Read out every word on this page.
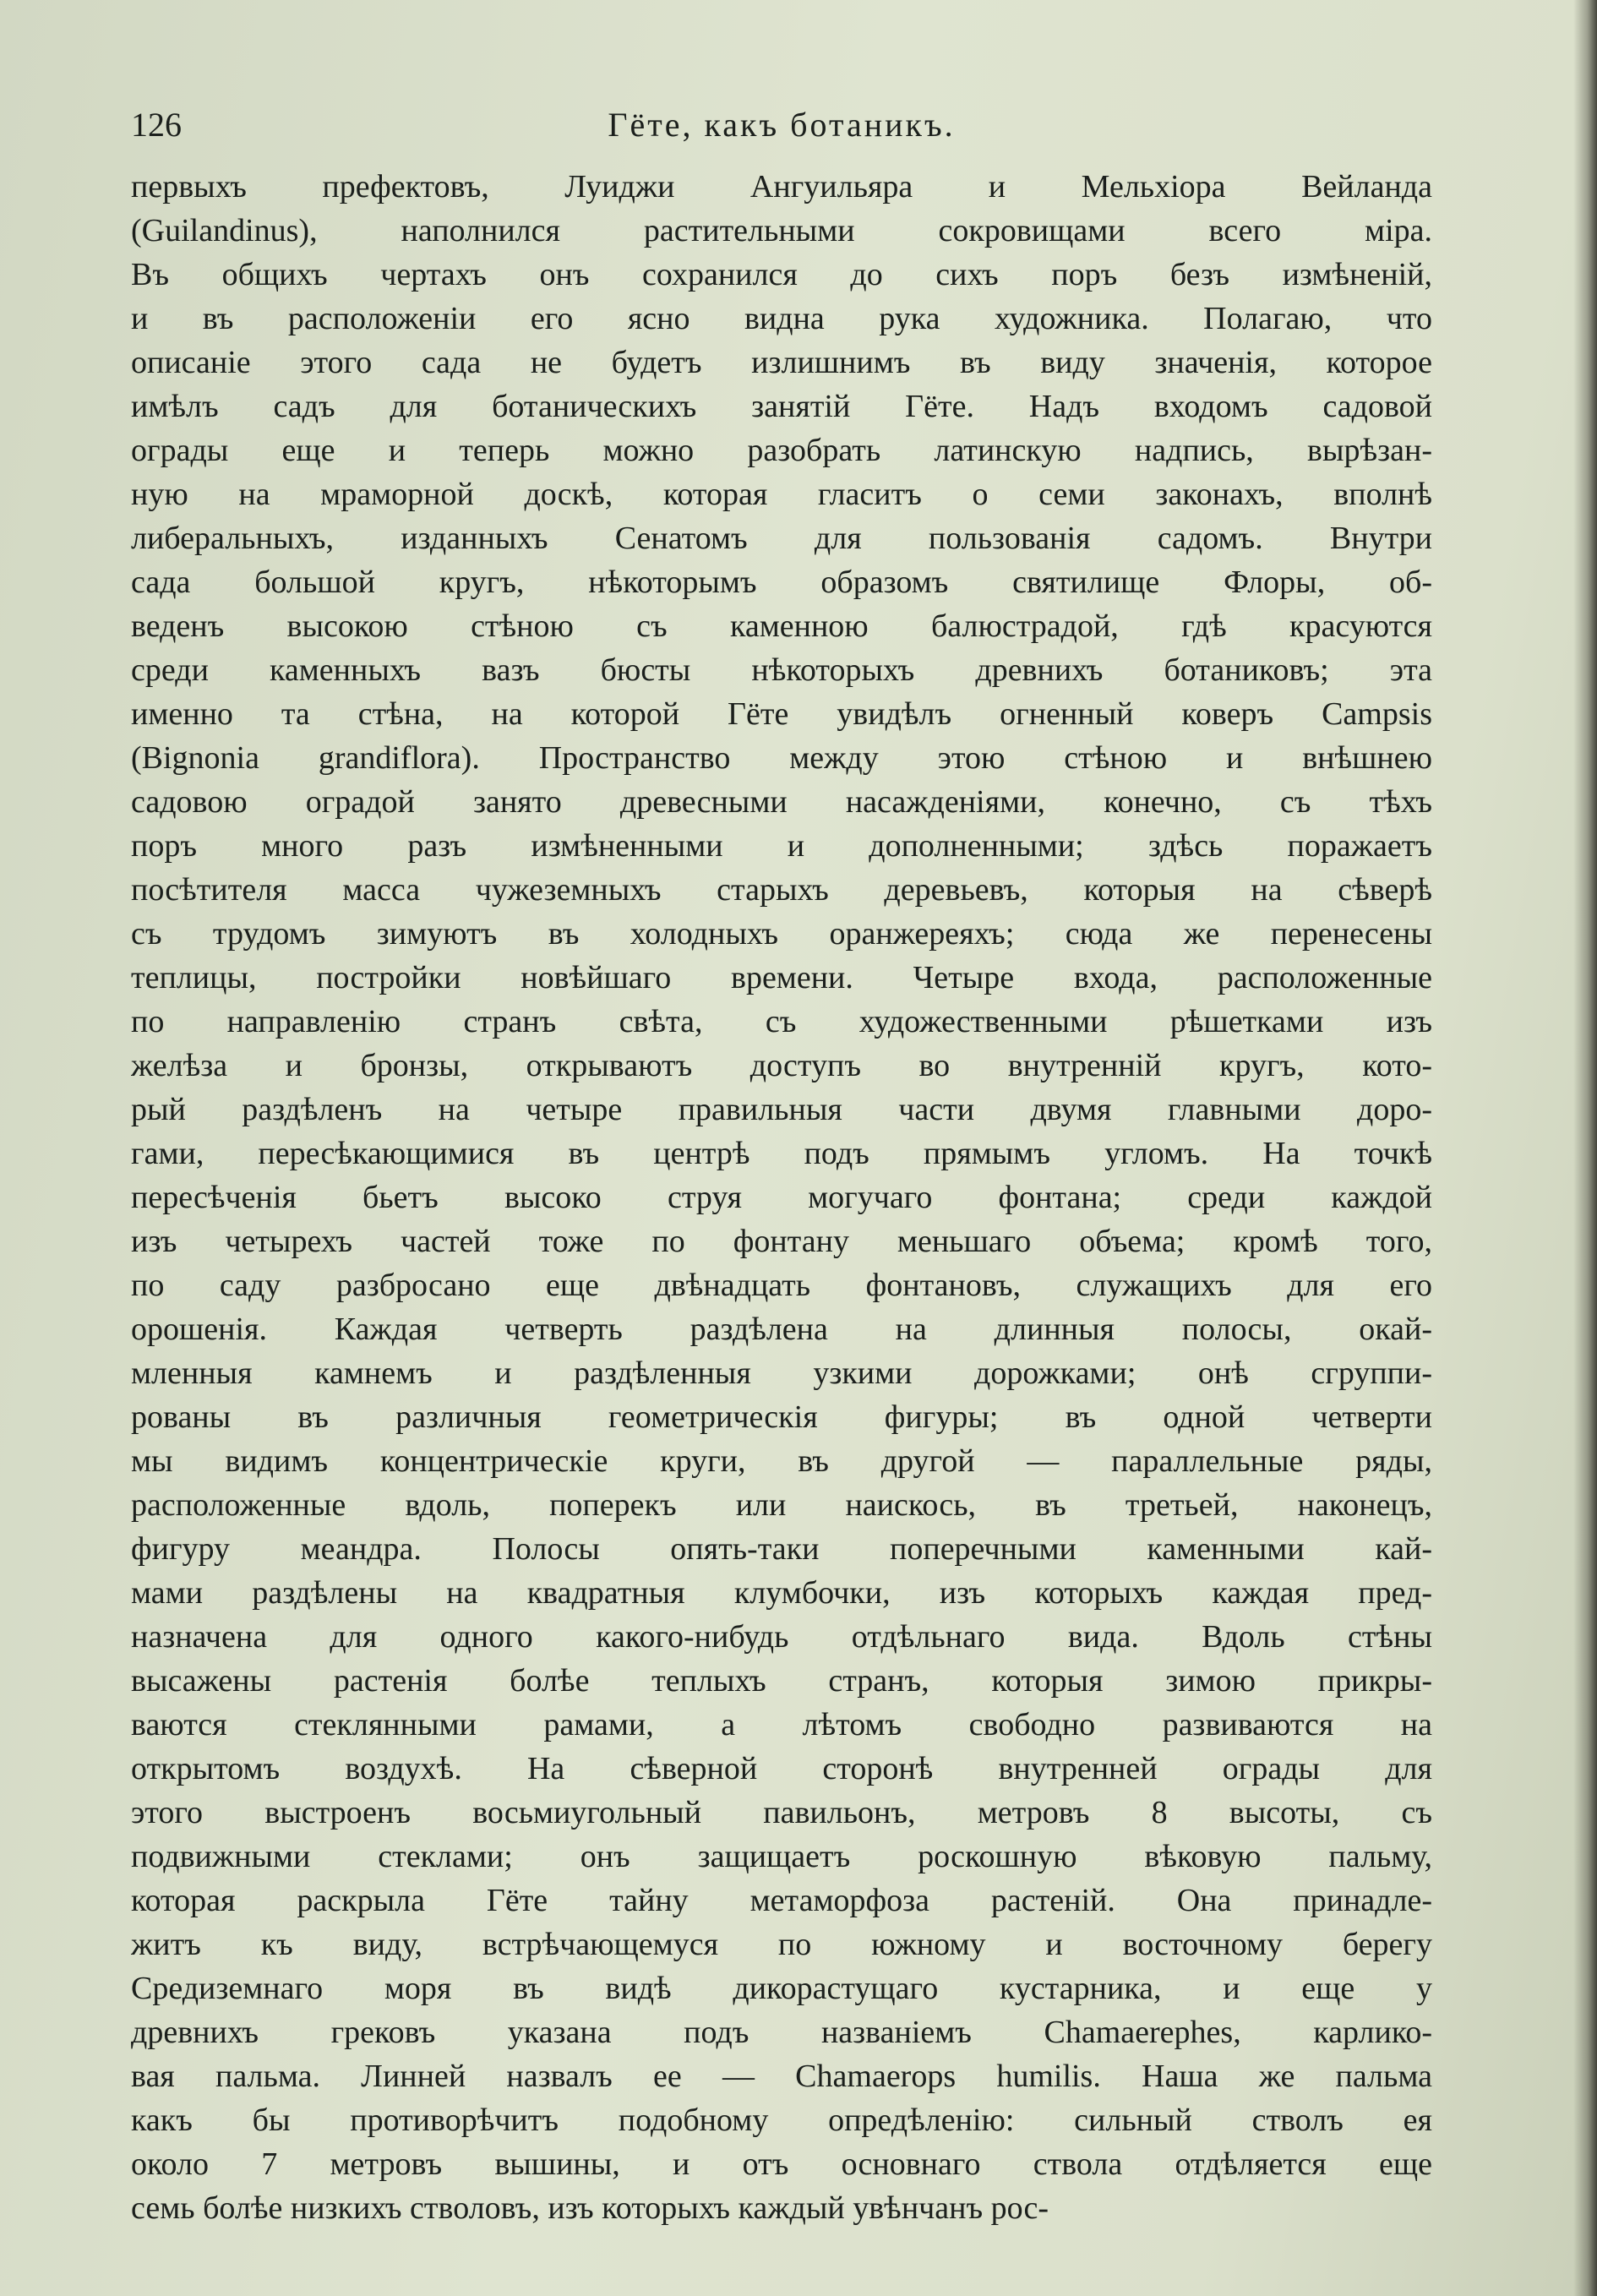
126	Гёте, какъ ботаникъ.
первыхъ префектовъ, Луиджи Ангуильяра и Мельхіора Вейланда
(Guilandinus), наполнился растительными сокровищами всего міра.
Въ общихъ чертахъ онъ сохранился до сихъ поръ безъ измѣненій,
и въ расположеніи его ясно видна рука художника. Полагаю, что
описаніе этого сада не будетъ излишнимъ въ виду значенія, которое
имѣлъ садъ для ботаническихъ занятій Гёте. Надъ входомъ садовой
ограды еще и теперь можно разобрать латинскую надпись, вырѣзан-
ную на мраморной доскѣ, которая гласитъ о семи законахъ, вполнѣ
либеральныхъ, изданныхъ Сенатомъ для пользованія садомъ. Внутри
сада большой кругъ, нѣкоторымъ образомъ святилище Флоры, об-
веденъ высокою стѣною съ каменною балюстрадой, гдѣ красуются
среди каменныхъ вазъ бюсты нѣкоторыхъ древнихъ ботаниковъ; эта
именно та стѣна, на которой Гёте увидѣлъ огненный коверъ Campsis
(Bignonia grandiflora). Пространство между этою стѣною и внѣшнею
садовою оградой занято древесными насажденіями, конечно, съ тѣхъ
поръ много разъ измѣненными и дополненными; здѣсь поражаетъ
посѣтителя масса чужеземныхъ старыхъ деревьевъ, которыя на сѣверѣ
съ трудомъ зимуютъ въ холодныхъ оранжереяхъ; сюда же перенесены
теплицы, постройки новѣйшаго времени. Четыре входа, расположенные
по направленію странъ свѣта, съ художественными рѣшетками изъ
желѣза и бронзы, открываютъ доступъ во внутренній кругъ, кото-
рый раздѣленъ на четыре правильныя части двумя главными доро-
гами, пересѣкающимися въ центрѣ подъ прямымъ угломъ. На точкѣ
пересѣченія бьетъ высоко струя могучаго фонтана; среди каждой
изъ четырехъ частей тоже по фонтану меньшаго объема; кромѣ того,
по саду разбросано еще двѣнадцать фонтановъ, служащихъ для его
орошенія. Каждая четверть раздѣлена на длинныя полосы, окай-
мленныя камнемъ и раздѣленныя узкими дорожками; онѣ сгруппи-
рованы въ различныя геометрическія фигуры; въ одной четверти
мы видимъ концентрическіе круги, въ другой — параллельные ряды,
расположенные вдоль, поперекъ или наискось, въ третьей, наконецъ,
фигуру меандра. Полосы опять-таки поперечными каменными кай-
мами раздѣлены на квадратныя клумбочки, изъ которыхъ каждая пред-
назначена для одного какого-нибудь отдѣльнаго вида. Вдоль стѣны
высажены растенія болѣе теплыхъ странъ, которыя зимою прикры-
ваются стеклянными рамами, а лѣтомъ свободно развиваются на
открытомъ воздухѣ. На сѣверной сторонѣ внутренней ограды для
этого выстроенъ восьмиугольный павильонъ, метровъ 8 высоты, съ
подвижными стеклами; онъ защищаетъ роскошную вѣковую пальму,
которая раскрыла Гёте тайну метаморфоза растеній. Она принадле-
житъ къ виду, встрѣчающемуся по южному и восточному берегу
Средиземнаго моря въ видѣ дикорастущаго кустарника, и еще у
древнихъ грековъ указана подъ названіемъ Chamaerephes, карлико-
вая пальма. Линней назвалъ ее — Chamaerops humilis. Наша же пальма
какъ бы противорѣчитъ подобному опредѣленію: сильный стволъ ея
около 7 метровъ вышины, и отъ основнаго ствола отдѣляется еще
семь болѣе низкихъ стволовъ, изъ которыхъ каждый увѣнчанъ рос-
